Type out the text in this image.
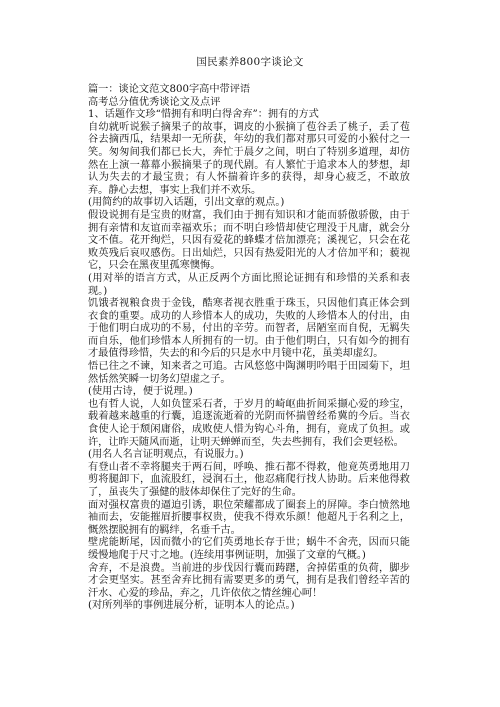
国民素养800字谈论文

篇一：谈论文范文800字高中带评语

高考总分值优秀谈论文及点评

1、话题作文珍“惜拥有和明白得舍弃”：拥有的方式

自幼就听说猴子摘果子的故事，调皮的小猴摘了苞谷丢了桃子，丢了苞谷去摘西瓜，结果却一无所获，年幼的我们都对那只可爱的小猴付之一笑。匆匆间我们都已长大，奔忙于晨夕之间，明白了特别多道理，却仿然在上演一幕幕小猴摘果子的现代剧。有人繁忙于追求本人的梦想，却认为失去的才最宝贵；有人怀揣着许多的获得，却身心疲乏，不敢放弃。静心去想，事实上我们并不欢乐。

(用简约的故事切入话题，引出文章的观点。)

假设说拥有是宝贵的财富，我们由于拥有知识和才能而骄傲骄傲，由于拥有亲情和友谊而幸福欢乐；而不明白珍惜却使它理没于凡庸，就会分文不值。花开绚烂，只因有爱花的蜂蝶才倍加漂亮；溪视它，只会在花败英残后哀叹感伤。日出灿烂，只因有热爱阳光的人才倍加平和；藐视它，只会在黑夜里孤寒懊悔。

(用对举的语言方式，从正反两个方面比照论证拥有和珍惜的关系和表现。)

饥饿者视粮食贵于金钱，酷寒者视衣胜重于珠玉，只因他们真正体会到衣食的重要。成功的人珍惜本人的成功，失败的人珍惜本人的付出，由于他们明白成功的不易，付出的辛劳。而智者，居陋室而自倪，无羁失而自乐，他们珍惜本人所拥有的一切。由于他们明白，只有如今的拥有才最值得珍惜，失去的和今后的只是水中月镜中花，虽美却虚幻。

悟已往之不谏，知来者之可追。古风悠悠中陶渊明吟唱于田园菊下，坦然恬然笑瞬一切务幻望虚之子。

(使用古诗，便于说理。)

也有哲人说，人如负筐采石者，于岁月的崎岖曲折间采撷心爱的珍宝，载着越来越重的行囊，追逐流逝着的光阴而怀揣曾经希冀的今后。当衣食使人论于颓闲庸俗，成败使人惜为钩心斗角，拥有，竟成了负担。或许，让昨天随风而逝，让明天蝉蝉而至，失去些拥有，我们会更轻松。

(用名人名言证明观点，有说服力。)

有登山者不幸将腿夹于两石间，呼唤、推石都不得救，他竟英勇地用刀剪将腿卸下，血流股红，浸润石土，他忍痛爬行找人协助。后来他得救了，虽丧失了强健的肢体却保住了完好的生命。

面对强权富贵的逼迫引诱，职位荣耀都成了圈套上的屏障。李白愤然地袖而去，安能摧眉折腰事权贵，使我不得欢乐颜！他超凡于名利之上，慨然摆脱拥有的羁绊，名垂千古。

壁虎能断尾，因而微小的它们英勇地长存于世；蜗牛不舍壳，因而只能缓慢地爬于尺寸之地。(连续用事例证明，加强了文章的气概。)

舍弃，不是浪费。当前进的步伐因行囊而踌躇，舍掉偌重的负荷，脚步才会更坚实。甚至舍弃比拥有需要更多的勇气，拥有是我们曾经辛苦的汗水、心爱的珍品，弃之，几许依依之情丝缠心呵！

(对所列举的事例进展分析，证明本人的论点。)
